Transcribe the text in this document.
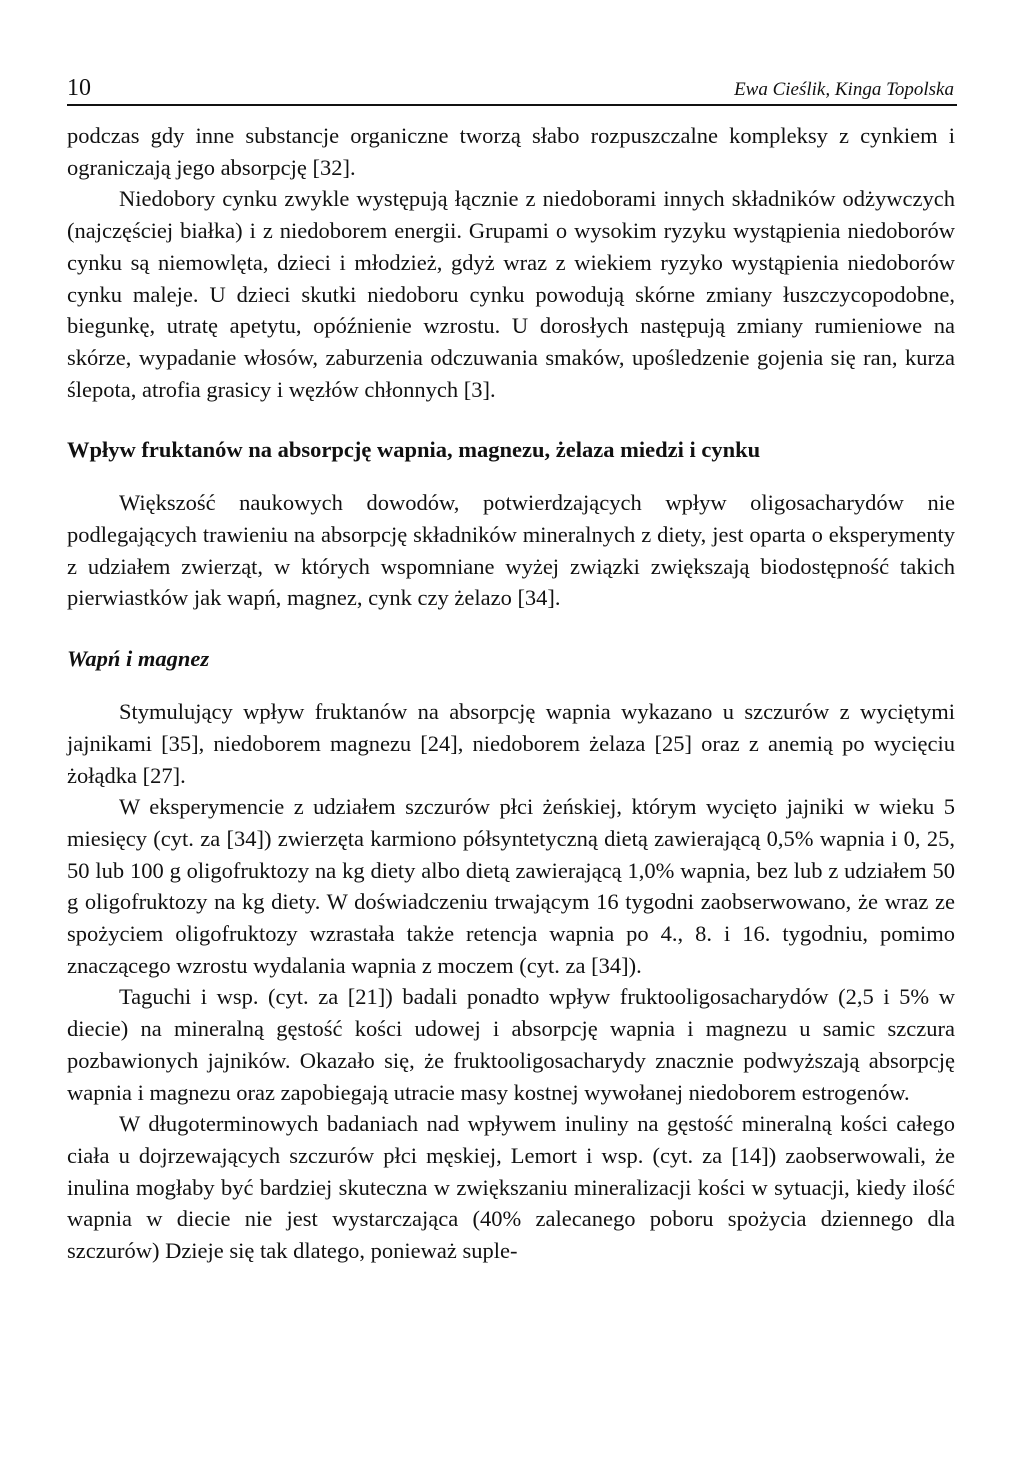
10	Ewa Cieślik, Kinga Topolska

podczas gdy inne substancje organiczne tworzą słabo rozpuszczalne kompleksy z cynkiem i ograniczają jego absorpcję [32].

Niedobory cynku zwykle występują łącznie z niedoborami innych składników odżywczych (najczęściej białka) i z niedoborem energii. Grupami o wysokim ryzyku wystąpienia niedoborów cynku są niemowlęta, dzieci i młodzież, gdyż wraz z wiekiem ryzyko wystąpienia niedoborów cynku maleje. U dzieci skutki niedoboru cynku powodują skórne zmiany łuszczycopodobne, biegunkę, utratę apetytu, opóźnienie wzrostu. U dorosłych następują zmiany rumieniowe na skórze, wypadanie włosów, zaburzenia odczuwania smaków, upośledzenie gojenia się ran, kurza ślepota, atrofia grasicy i węzłów chłonnych [3].

Wpływ fruktanów na absorpcję wapnia, magnezu, żelaza miedzi i cynku

Większość naukowych dowodów, potwierdzających wpływ oligosacharydów nie podlegających trawieniu na absorpcję składników mineralnych z diety, jest oparta o eksperymenty z udziałem zwierząt, w których wspomniane wyżej związki zwiększają biodostępność takich pierwiastków jak wapń, magnez, cynk czy żelazo [34].

Wapń i magnez

Stymulujący wpływ fruktanów na absorpcję wapnia wykazano u szczurów z wyciętymi jajnikami [35], niedoborem magnezu [24], niedoborem żelaza [25] oraz z anemią po wycięciu żołądka [27].

W eksperymencie z udziałem szczurów płci żeńskiej, którym wycięto jajniki w wieku 5 miesięcy (cyt. za [34]) zwierzęta karmiono półsyntetyczną dietą zawierającą 0,5% wapnia i 0, 25, 50 lub 100 g oligofruktozy na kg diety albo dietą zawierającą 1,0% wapnia, bez lub z udziałem 50 g oligofruktozy na kg diety. W doświadczeniu trwającym 16 tygodni zaobserwowano, że wraz ze spożyciem oligofruktozy wzrastała także retencja wapnia po 4., 8. i 16. tygodniu, pomimo znaczącego wzrostu wydalania wapnia z moczem (cyt. za [34]).

Taguchi i wsp. (cyt. za [21]) badali ponadto wpływ fruktooligosacharydów (2,5 i 5% w diecie) na mineralną gęstość kości udowej i absorpcję wapnia i magnezu u samic szczura pozbawionych jajników. Okazało się, że fruktooligosacharydy znacznie podwyższają absorpcję wapnia i magnezu oraz zapobiegają utracie masy kostnej wywołanej niedoborem estrogenów.

W długoterminowych badaniach nad wpływem inuliny na gęstość mineralną kości całego ciała u dojrzewających szczurów płci męskiej, Lemort i wsp. (cyt. za [14]) zaobserwowali, że inulina mogłaby być bardziej skuteczna w zwiększaniu mineralizacji kości w sytuacji, kiedy ilość wapnia w diecie nie jest wystarczająca (40% zalecanego poboru spożycia dziennego dla szczurów) Dzieje się tak dlatego, ponieważ suple-
